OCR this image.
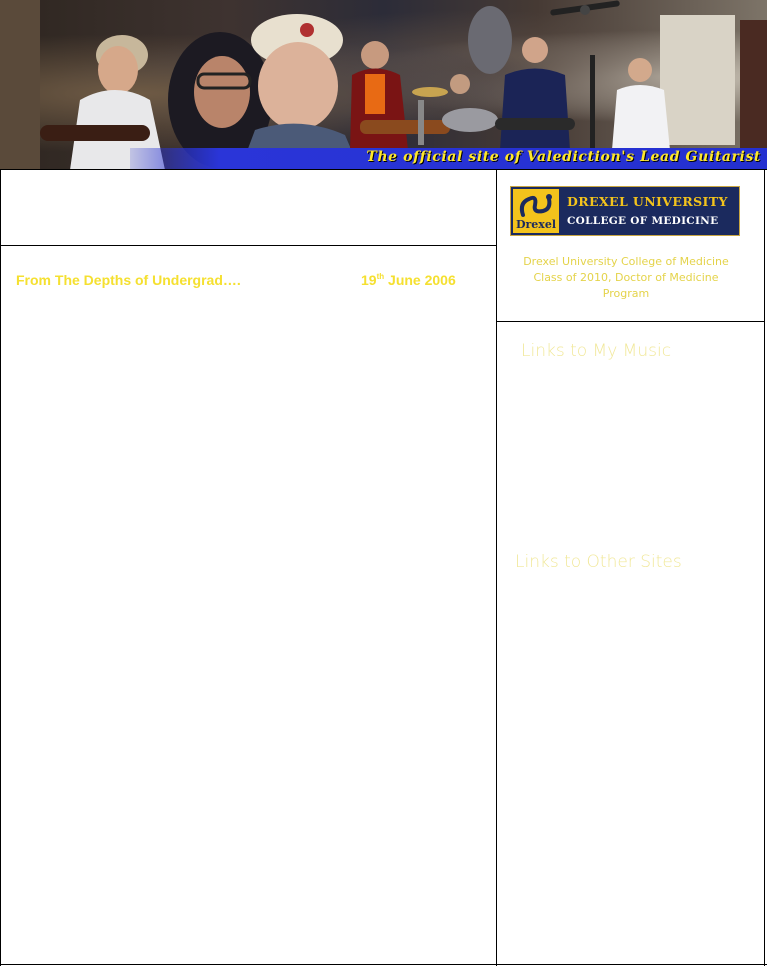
The official site of Valediction's Lead Guitarist
From The Depths of Undergrad….	19th June 2006
Drexel
DREXEL UNIVERSITY
COLLEGE OF MEDICINE
Drexel University College of Medicine
Class of 2010, Doctor of Medicine
Program
Links to My Music
Links to Other Sites
